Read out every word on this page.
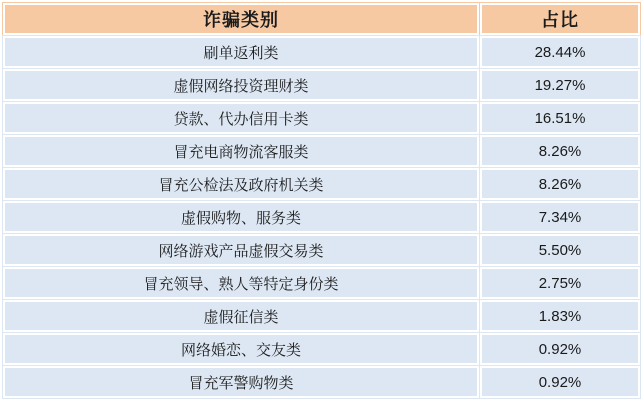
诈骗类别	占比
刷单返利类	28.44%
虚假网络投资理财类	19.27%
贷款、代办信用卡类	16.51%
冒充电商物流客服类	8.26%
冒充公检法及政府机关类	8.26%
虚假购物、服务类	7.34%
网络游戏产品虚假交易类	5.50%
冒充领导、熟人等特定身份类	2.75%
虚假征信类	1.83%
网络婚恋、交友类	0.92%
冒充军警购物类	0.92%
